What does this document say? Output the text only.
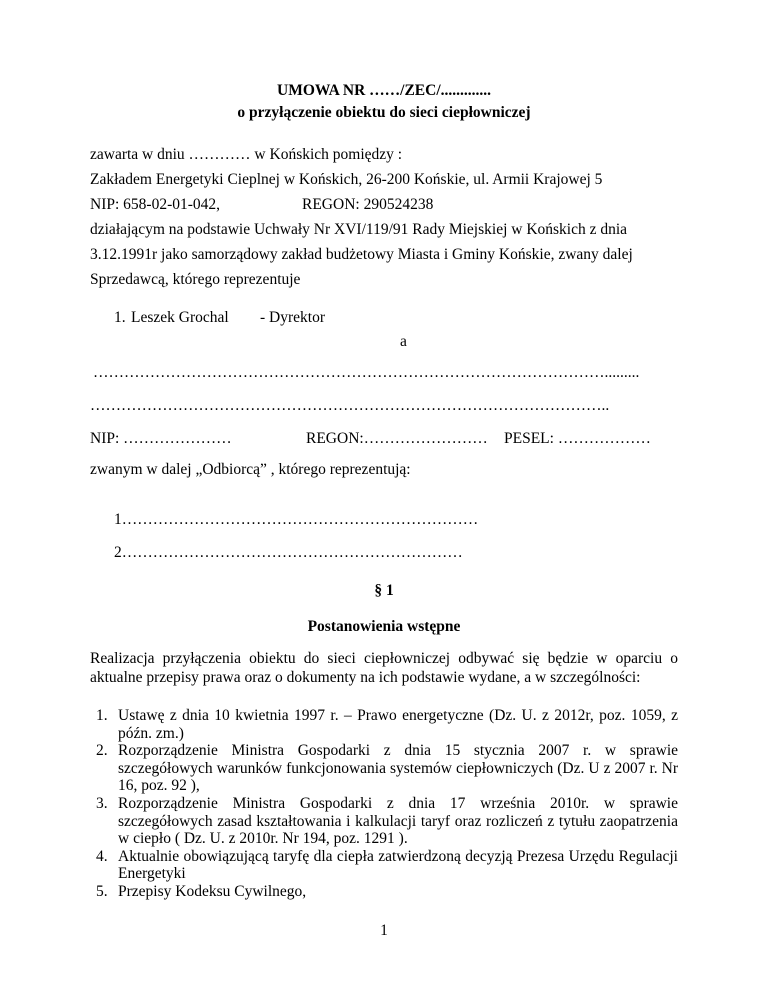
UMOWA NR ……/ZEC/.............
o przyłączenie obiektu do sieci ciepłowniczej
zawarta w dniu ………… w Końskich pomiędzy :
Zakładem Energetyki Cieplnej w Końskich, 26-200 Końskie, ul. Armii Krajowej 5
NIP: 658-02-01-042,	REGON: 290524238
działającym na podstawie Uchwały Nr XVI/119/91 Rady Miejskiej w Końskich z dnia
3.12.1991r jako samorządowy zakład budżetowy Miasta i Gminy Końskie, zwany dalej
Sprzedawcą, którego reprezentuje
1. Leszek Grochal - Dyrektor
a
……………………………………………………………………………………….........
………………………………………………………………………………………..
NIP: …………………	REGON:…………………… PESEL: ………………
zwanym w dalej „Odbiorcą” , którego reprezentują:
1……………………………………………………………
2…………………………………………………………
§ 1
Postanowienia wstępne
Realizacja przyłączenia obiektu do sieci ciepłowniczej odbywać się będzie w oparciu o aktualne przepisy prawa oraz o dokumenty na ich podstawie wydane, a w szczególności:
1. Ustawę z dnia 10 kwietnia 1997 r. – Prawo energetyczne (Dz. U. z 2012r, poz. 1059, z późn. zm.)
2. Rozporządzenie Ministra Gospodarki z dnia 15 stycznia 2007 r. w sprawie szczegółowych warunków funkcjonowania systemów ciepłowniczych (Dz. U z 2007 r. Nr 16, poz. 92 ),
3. Rozporządzenie Ministra Gospodarki z dnia 17 września 2010r. w sprawie szczegółowych zasad kształtowania i kalkulacji taryf oraz rozliczeń z tytułu zaopatrzenia w ciepło ( Dz. U. z 2010r. Nr 194, poz. 1291 ).
4. Aktualnie obowiązującą taryfę dla ciepła zatwierdzoną decyzją Prezesa Urzędu Regulacji Energetyki
5. Przepisy Kodeksu Cywilnego,
1
